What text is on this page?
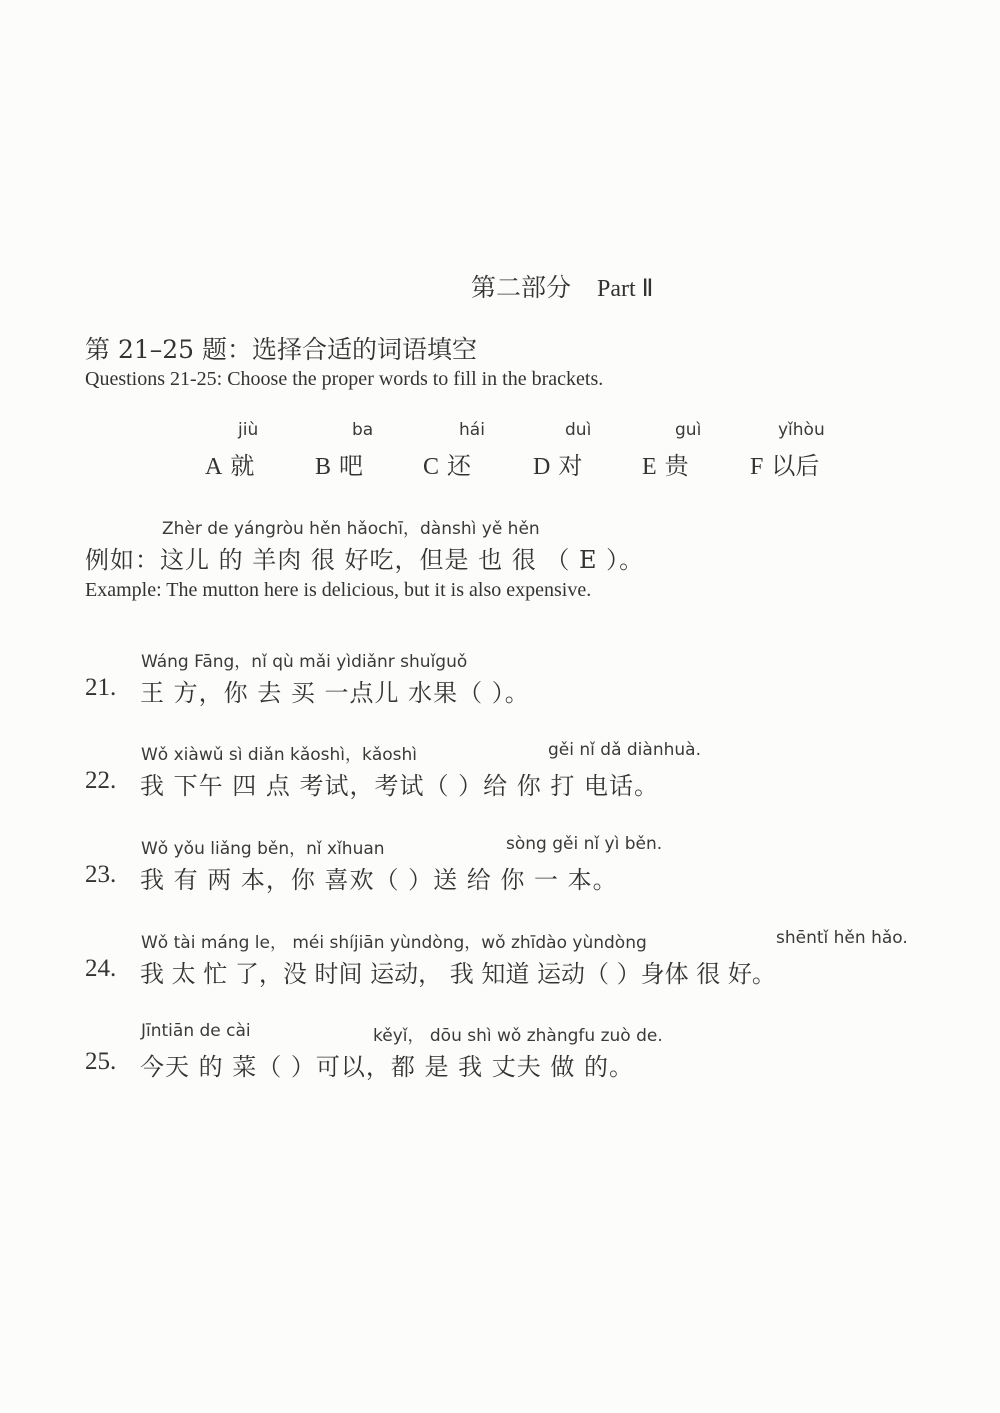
第二部分 Part Ⅱ
第 21–25 题：选择合适的词语填空
Questions 21-25: Choose the proper words to fill in the brackets.
jiù
A 就
ba
B 吧
hái
C 还
duì
D 对
guì
E 贵
yǐhòu
F 以后
Zhèr de yángròu hěn hǎochī，dànshì yě hěn
例如：这儿 的 羊肉 很 好吃，但是 也 很 （ E ）。
Example: The mutton here is delicious, but it is also expensive.
Wáng Fāng，nǐ qù mǎi yìdiǎnr shuǐguǒ
21. 王 方，你 去 买 一点儿 水果（ ）。
Wǒ xiàwǔ sì diǎn kǎoshì，kǎoshì	gěi nǐ dǎ diànhuà.
22. 我 下午 四 点 考试，考试（ ）给 你 打 电话。
Wǒ yǒu liǎng běn，nǐ xǐhuan	sòng gěi nǐ yì běn.
23. 我 有 两 本，你 喜欢（ ）送 给 你 一 本。
Wǒ tài máng le， méi shíjiān yùndòng，wǒ zhīdào yùndòng	shēntǐ hěn hǎo.
24. 我 太 忙 了，没 时间 运动， 我 知道 运动（ ）身体 很 好。
Jīntiān de cài	kěyǐ， dōu shì wǒ zhàngfu zuò de.
25. 今天 的 菜（ ）可以，都 是 我 丈夫 做 的。
